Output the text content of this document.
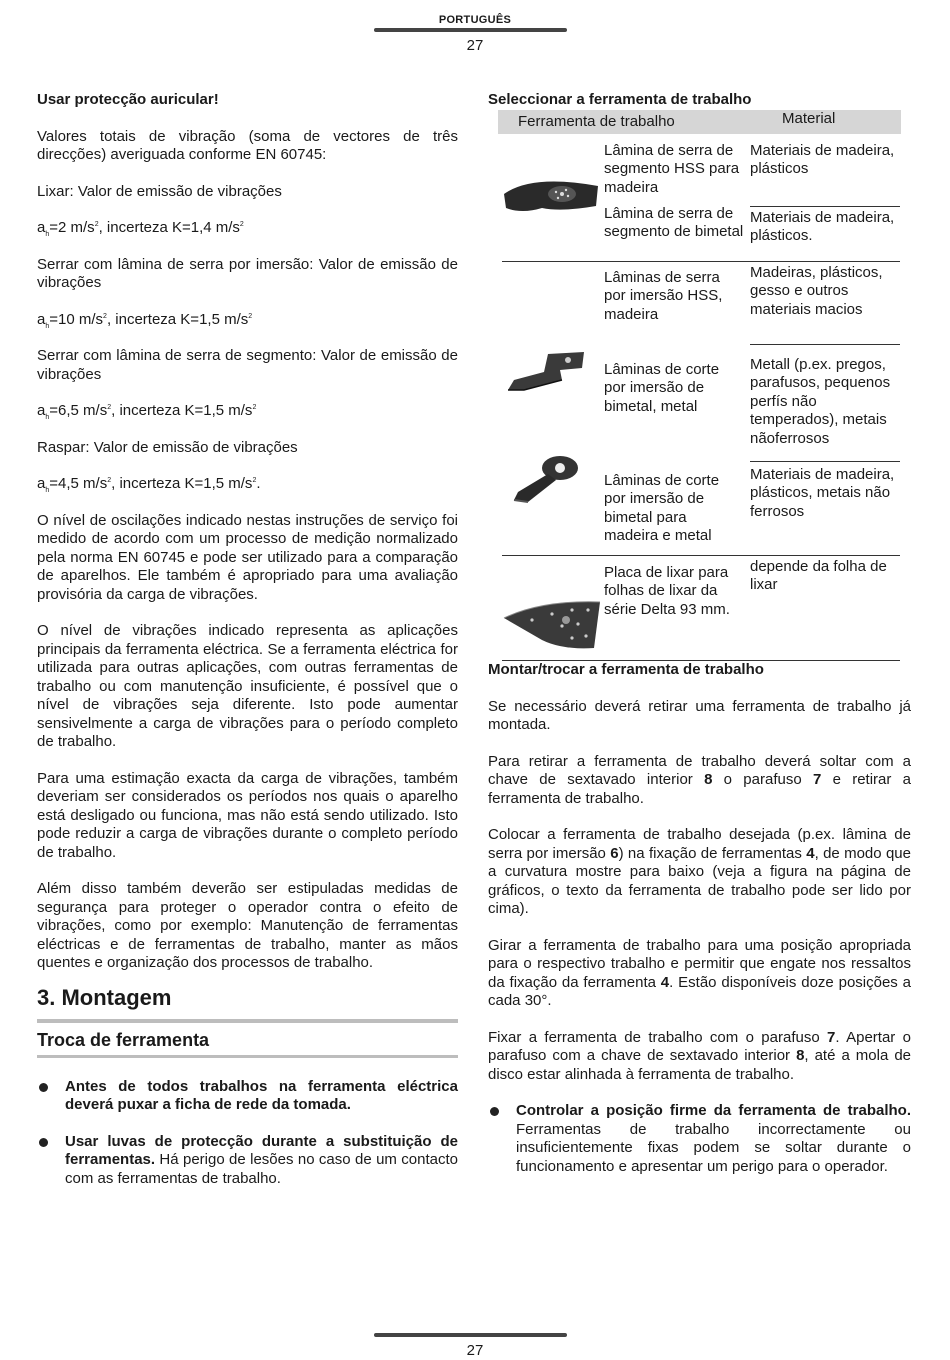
PORTUGUÊS
27

Usar protecção auricular!

Valores totais de vibração (soma de vectores de três direcções) averiguada conforme EN 60745:

Lixar: Valor de emissão de vibrações

$a_h=2$ $m/s^2$, incerteza K=1,4 $m/s^2$

Serrar com lâmina de serra por imersão: Valor de emissão de vibrações

$a_h=10$ $m/s^2$, incerteza K=1,5 $m/s^2$

Serrar com lâmina de serra de segmento: Valor de emissão de vibrações

$a_h=6,5$ $m/s^2$, incerteza K=1,5 $m/s^2$

Raspar: Valor de emissão de vibrações

$a_h=4,5$ $m/s^2$, incerteza K=1,5 $m/s^2$.

O nível de oscilações indicado nestas instruções de serviço foi medido de acordo com um processo de medição normalizado pela norma EN 60745 e pode ser utilizado para a comparação de aparelhos. Ele também é apropriado para uma avaliação provisória da carga de vibrações.

O nível de vibrações indicado representa as aplicações principais da ferramenta eléctrica. Se a ferramenta eléctrica for utilizada para outras aplicações, com outras ferramentas de trabalho ou com manutenção insuficiente, é possível que o nível de vibrações seja diferente. Isto pode aumentar sensivelmente a carga de vibrações para o período completo de trabalho.

Para uma estimação exacta da carga de vibrações, também deveriam ser considerados os períodos nos quais o aparelho está desligado ou funciona, mas não está sendo utilizado. Isto pode reduzir a carga de vibrações durante o completo período de trabalho.

Além disso também deverão ser estipuladas medidas de segurança para proteger o operador contra o efeito de vibrações, como por exemplo: Manutenção de ferramentas eléctricas e de ferramentas de trabalho, manter as mãos quentes e organização dos processos de trabalho.

3. Montagem
Troca de ferramenta
Antes de todos trabalhos na ferramenta eléctrica deverá puxar a ficha de rede da tomada.
Usar luvas de protecção durante a substituição de ferramentas. Há perigo de lesões no caso de um contacto com as ferramentas de trabalho.

Seleccionar a ferramenta de trabalho

Ferramenta de trabalho	Material
Lâmina de serra de segmento HSS para madeira
Materiais de madeira, plásticos
Lâmina de serra de segmento de bimetal
Materiais de madeira, plásticos.
Lâminas de serra por imersão HSS, madeira
Madeiras, plásticos, gesso e outros materiais macios
Lâminas de corte por imersão de bimetal, metal
Metall (p.ex. pregos, parafusos, pequenos perfís não temperados), metais nãoferrosos
Lâminas de corte por imersão de bimetal para madeira e metal
Materiais de madeira, plásticos, metais não ferrosos
Placa de lixar para folhas de lixar da série Delta 93 mm.
depende da folha de lixar

Montar/trocar a ferramenta de trabalho

Se necessário deverá retirar uma ferramenta de trabalho já montada.

Para retirar a ferramenta de trabalho deverá soltar com a chave de sextavado interior 8 o parafuso 7 e retirar a ferramenta de trabalho.

Colocar a ferramenta de trabalho desejada (p.ex. lâmina de serra por imersão 6) na fixação de ferramentas 4, de modo que a curvatura mostre para baixo (veja a figura na página de gráficos, o texto da ferramenta de trabalho pode ser lido por cima).

Girar a ferramenta de trabalho para uma posição apropriada para o respectivo trabalho e permitir que engate nos ressaltos da fixação da ferramenta 4. Estão disponíveis doze posições a cada 30°.

Fixar a ferramenta de trabalho com o parafuso 7. Apertar o parafuso com a chave de sextavado interior 8, até a mola de disco estar alinhada à ferramenta de trabalho.

Controlar a posição firme da ferramenta de trabalho. Ferramentas de trabalho incorrectamente ou insuficientemente fixas podem se soltar durante o funcionamento e apresentar um perigo para o operador.
27
